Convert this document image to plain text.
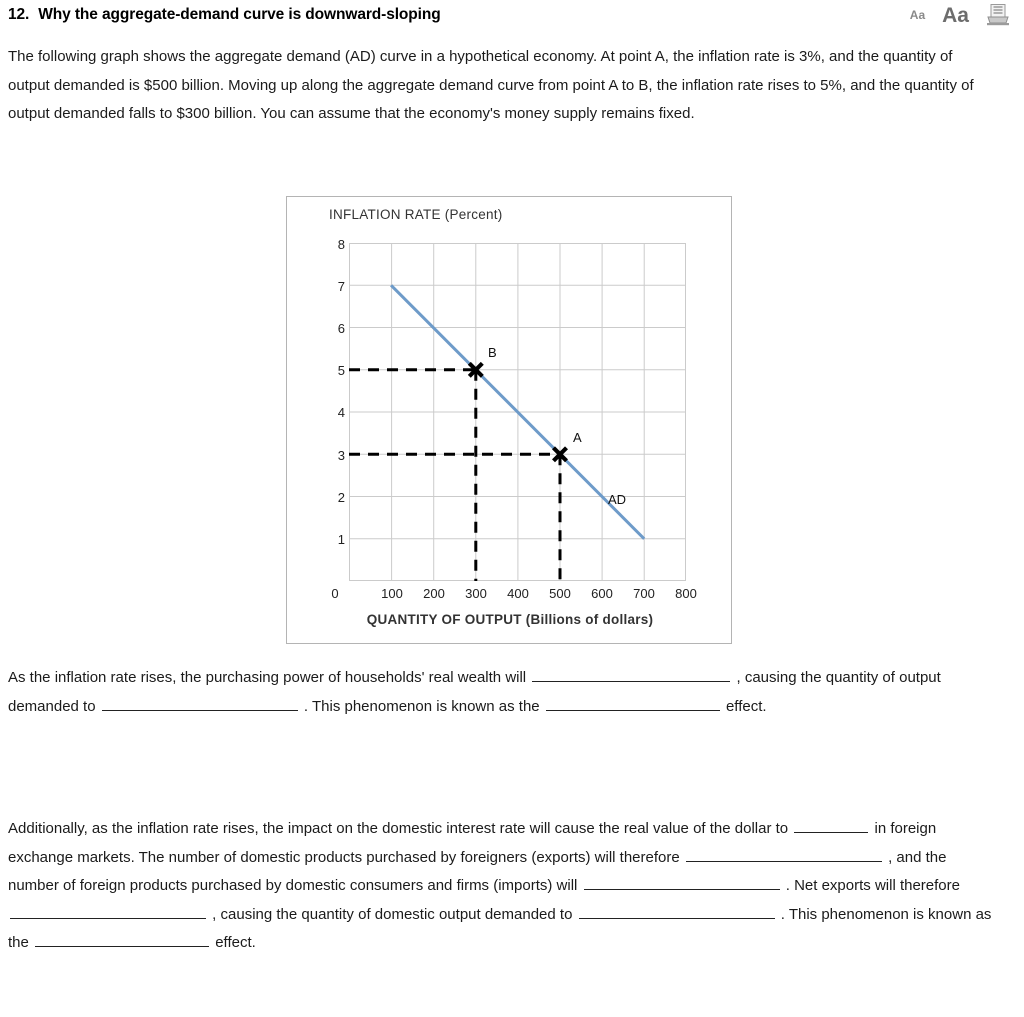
12. Why the aggregate-demand curve is downward-sloping	Aa Aa
The following graph shows the aggregate demand (AD) curve in a hypothetical economy. At point A, the inflation rate is 3%, and the quantity of output demanded is $500 billion. Moving up along the aggregate demand curve from point A to B, the inflation rate rises to 5%, and the quantity of output demanded falls to $300 billion. You can assume that the economy's money supply remains fixed.
INFLATION RATE (Percent)
8
7
6
5
4
3
2
1
B
A
AD
0	100	200	300	400	500	600	700	800
QUANTITY OF OUTPUT (Billions of dollars)
As the inflation rate rises, the purchasing power of households' real wealth will	, causing the quantity of output demanded to	. This phenomenon is known as the	effect.
Additionally, as the inflation rate rises, the impact on the domestic interest rate will cause the real value of the dollar to	in foreign exchange markets. The number of domestic products purchased by foreigners (exports) will therefore	, and the number of foreign products purchased by domestic consumers and firms (imports) will	. Net exports will therefore  , causing the quantity of domestic output demanded to	. This phenomenon is known as the	effect.
